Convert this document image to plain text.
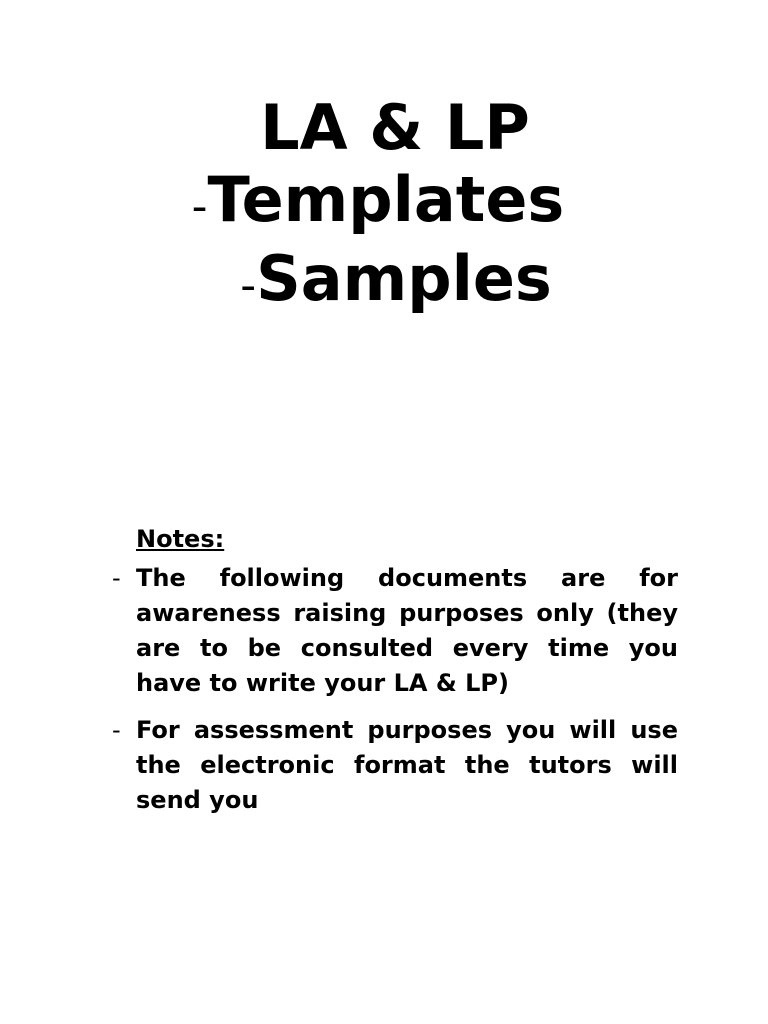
LA & LP
-Templates
-Samples
Notes:
- The following documents are for awareness raising purposes only (they are to be consulted every time you have to write your LA & LP)
- For assessment purposes you will use the electronic format the tutors will send you
